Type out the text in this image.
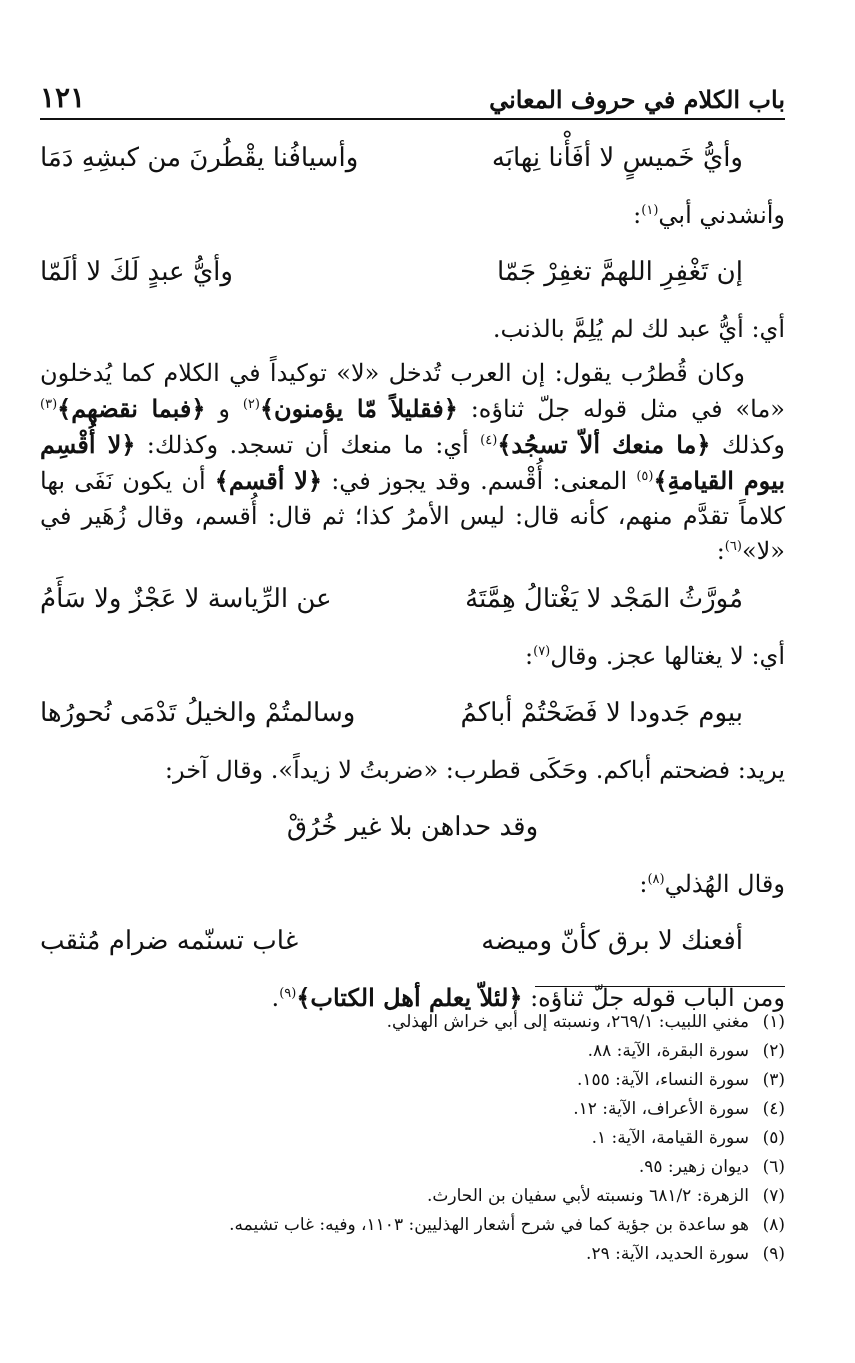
باب الكلام في حروف المعاني
١٢١
وأيُّ خَميسٍ لا أفَأْنا نِهابَه
وأسيافُنا يقْطُرنَ من كبشِهِ دَمَا
وأنشدني أبي$^{(١)}$:
إن تَغْفِرِ اللهمَّ تغفِرْ جَمّا
وأيُّ عبدٍ لَكَ لا ألَمّا
أي: أيُّ عبد لك لم يُلِمَّ بالذنب.

وكان قُطرُب يقول: إن العرب تُدخل «لا» توكيداً في الكلام كما يُدخلون «ما» في مثل قوله جلّ ثناؤه: ﴿فقليلاً مّا يؤمنون﴾$^{(٢)}$ و ﴿فبما نقضهم﴾$^{(٣)}$ وكذلك ﴿ما منعك ألاّ تسجُد﴾$^{(٤)}$ أي: ما منعك أن تسجد. وكذلك: ﴿لا أُقْسِم بيوم القيامةِ﴾$^{(٥)}$ المعنى: أُقْسم. وقد يجوز في: ﴿لا أقسم﴾ أن يكون نَفَى بها كلاماً تقدَّم منهم، كأنه قال: ليس الأمرُ كذا؛ ثم قال: أُقسم، وقال زُهَير في «لا»$^{(٦)}$:

مُورَّثُ المَجْد لا يَغْتالُ هِمَّتَهُ
عن الرِّياسة لا عَجْزٌ ولا سَأَمُ
أي: لا يغتالها عجز. وقال$^{(٧)}$:
بيوم جَدودا لا فَضَحْتُمْ أباكمُ
وسالمتُمْ والخيلُ تَدْمَى نُحورُها
يريد: فضحتم أباكم. وحَكَى قطرب: «ضربتُ لا زيداً». وقال آخر:
وقد حداهن بلا غير خُرُقْ
وقال الهُذلي$^{(٨)}$:
أفعنك لا برق كأنّ وميضه
غاب تسنّمه ضرام مُثقب
ومن الباب قوله جلّ ثناؤه: ﴿لئلاّ يعلم أهل الكتاب﴾$^{(٩)}$.
(١)
مغني اللبيب: ٢٦٩/١، ونسبته إلى أبي خراش الهذلي.
(٢)
سورة البقرة، الآية: ٨٨.
(٣)
سورة النساء، الآية: ١٥٥.
(٤)
سورة الأعراف، الآية: ١٢.
(٥)
سورة القيامة، الآية: ١.
(٦)
ديوان زهير: ٩٥.
(٧)
الزهرة: ٦٨١/٢ ونسبته لأبي سفيان بن الحارث.
(٨)
هو ساعدة بن جؤية كما في شرح أشعار الهذليين: ١١٠٣، وفيه: غاب تشيمه.
(٩)
سورة الحديد، الآية: ٢٩.
